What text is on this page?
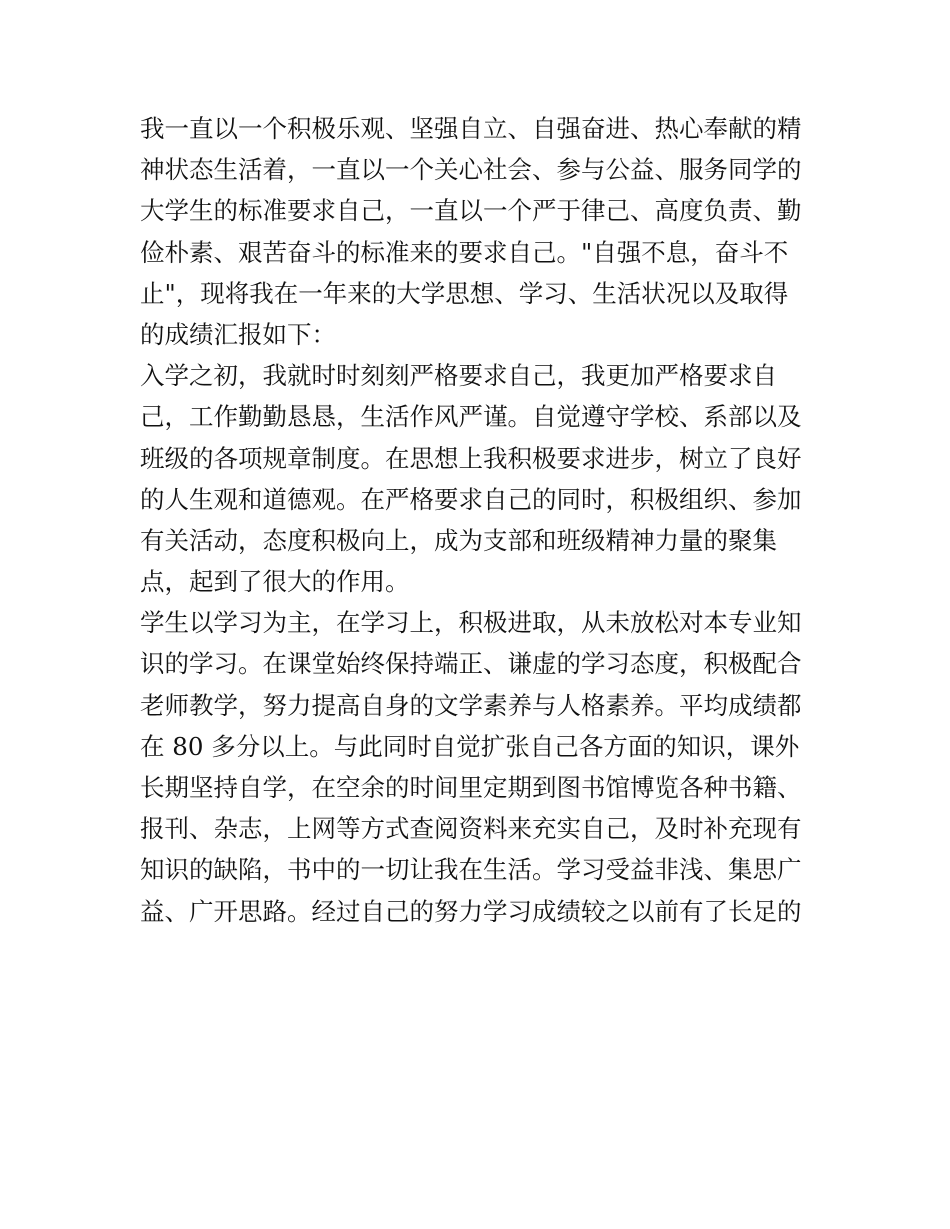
我一直以一个积极乐观、坚强自立、自强奋进、热心奉献的精
神状态生活着，一直以一个关心社会、参与公益、服务同学的
大学生的标准要求自己，一直以一个严于律己、高度负责、勤
俭朴素、艰苦奋斗的标准来的要求自己。"自强不息，奋斗不
止"，现将我在一年来的大学思想、学习、生活状况以及取得
的成绩汇报如下：
入学之初，我就时时刻刻严格要求自己，我更加严格要求自
己，工作勤勤恳恳，生活作风严谨。自觉遵守学校、系部以及
班级的各项规章制度。在思想上我积极要求进步，树立了良好
的人生观和道德观。在严格要求自己的同时，积极组织、参加
有关活动，态度积极向上，成为支部和班级精神力量的聚集
点，起到了很大的作用。
学生以学习为主，在学习上，积极进取，从未放松对本专业知
识的学习。在课堂始终保持端正、谦虚的学习态度，积极配合
老师教学，努力提高自身的文学素养与人格素养。平均成绩都
在 80 多分以上。与此同时自觉扩张自己各方面的知识，课外
长期坚持自学，在空余的时间里定期到图书馆博览各种书籍、
报刊、杂志，上网等方式查阅资料来充实自己，及时补充现有
知识的缺陷，书中的一切让我在生活。学习受益非浅、集思广
益、广开思路。经过自己的努力学习成绩较之以前有了长足的
